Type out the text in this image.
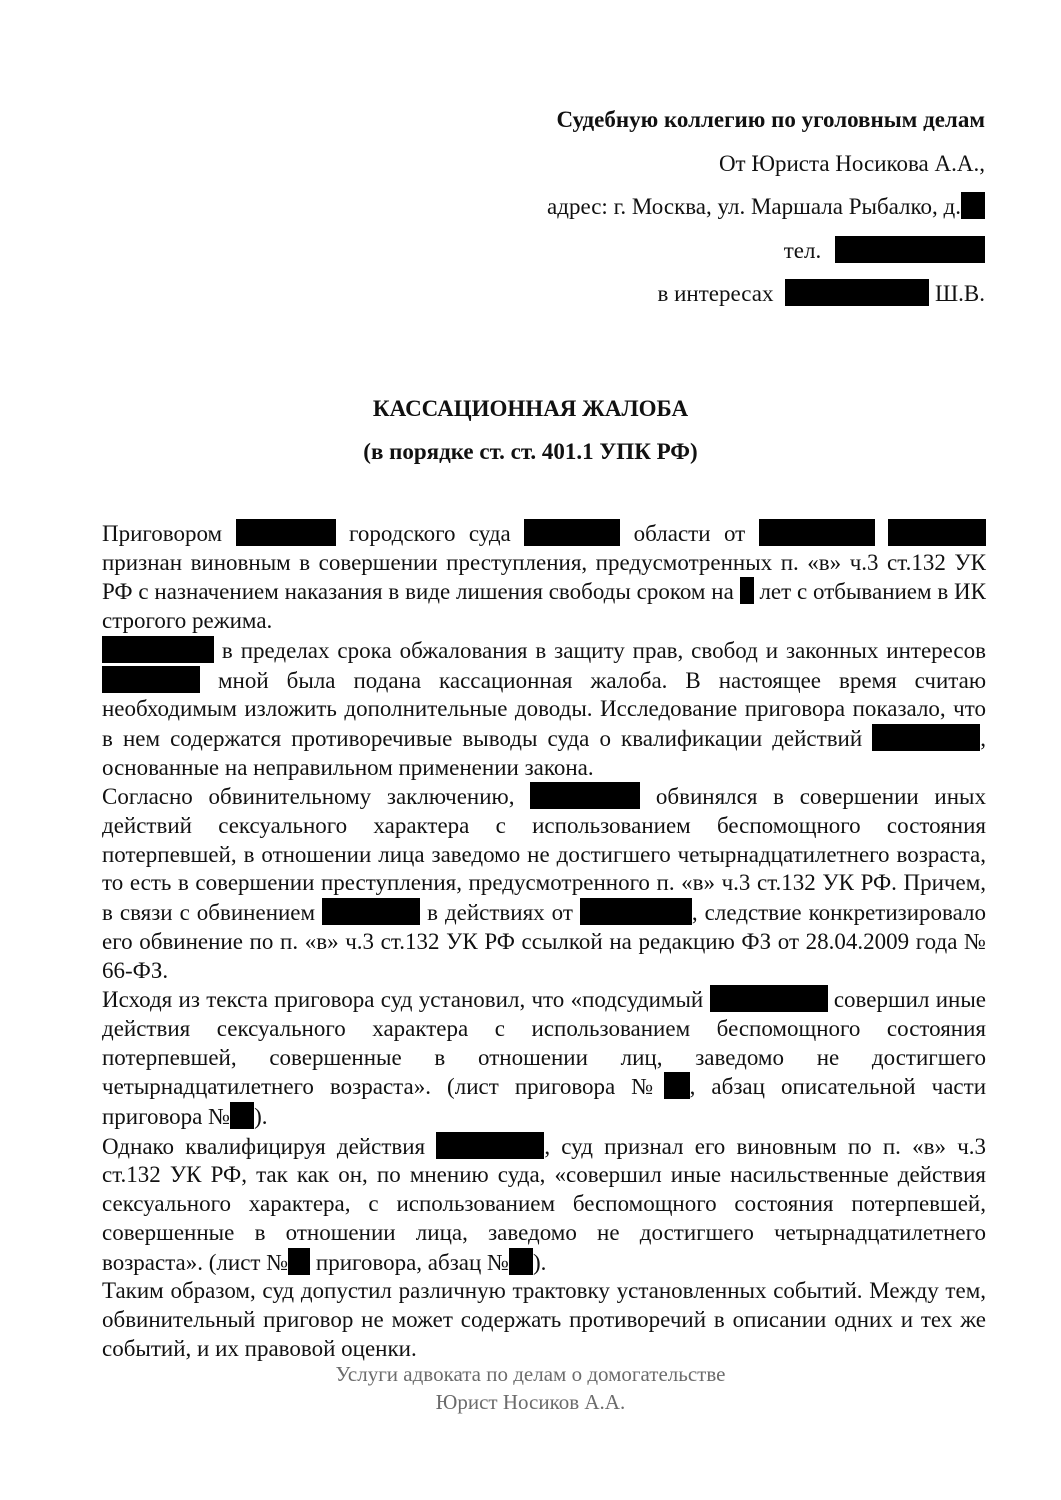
Судебную коллегию по уголовным делам
От Юриста Носикова А.А.,
адрес: г. Москва, ул. Маршала Рыбалко, д.
тел.
в интересах	Ш.В.
КАССАЦИОННАЯ ЖАЛОБА
(в порядке ст. ст. 401.1 УПК РФ)

Приговором	городского суда	области от   признан виновным в совершении преступления, предусмотренных п. «в» ч.3 ст.132 УК РФ с назначением наказания в виде лишения свободы сроком на лет с отбыванием в ИК строгого режима.

в пределах срока обжалования в защиту прав, свобод и законных интересов  мной была подана кассационная жалоба. В настоящее время считаю необходимым изложить дополнительные доводы. Исследование приговора показало, что в нем содержатся противоречивые выводы суда о квалификации действий	, основанные на неправильном применении закона.

Согласно обвинительному заключению,	обвинялся в совершении иных действий сексуального характера с использованием беспомощного состояния потерпевшей, в отношении лица заведомо не достигшего четырнадцатилетнего возраста, то есть в совершении преступления, предусмотренного п. «в» ч.3 ст.132 УК РФ. Причем, в связи с обвинением	в действиях от	, следствие конкретизировало его обвинение по п. «в» ч.3 ст.132 УК РФ ссылкой на редакцию ФЗ от 28.04.2009 года № 66-ФЗ.

Исходя из текста приговора суд установил, что «подсудимый	совершил иные действия сексуального характера с использованием беспомощного состояния потерпевшей, совершенные в отношении лиц, заведомо не достигшего четырнадцатилетнего возраста». (лист приговора № , абзац описательной части приговора № ).

Однако квалифицируя действия	, суд признал его виновным по п. «в» ч.3 ст.132 УК РФ, так как он, по мнению суда, «совершил иные насильственные действия сексуального характера, с использованием беспомощного состояния потерпевшей, совершенные в отношении лица, заведомо не достигшего четырнадцатилетнего возраста». (лист № приговора, абзац № ).

Таким образом, суд допустил различную трактовку установленных событий. Между тем, обвинительный приговор не может содержать противоречий в описании одних и тех же событий, и их правовой оценки.

Услуги адвоката по делам о домогательстве
Юрист Носиков А.А.
